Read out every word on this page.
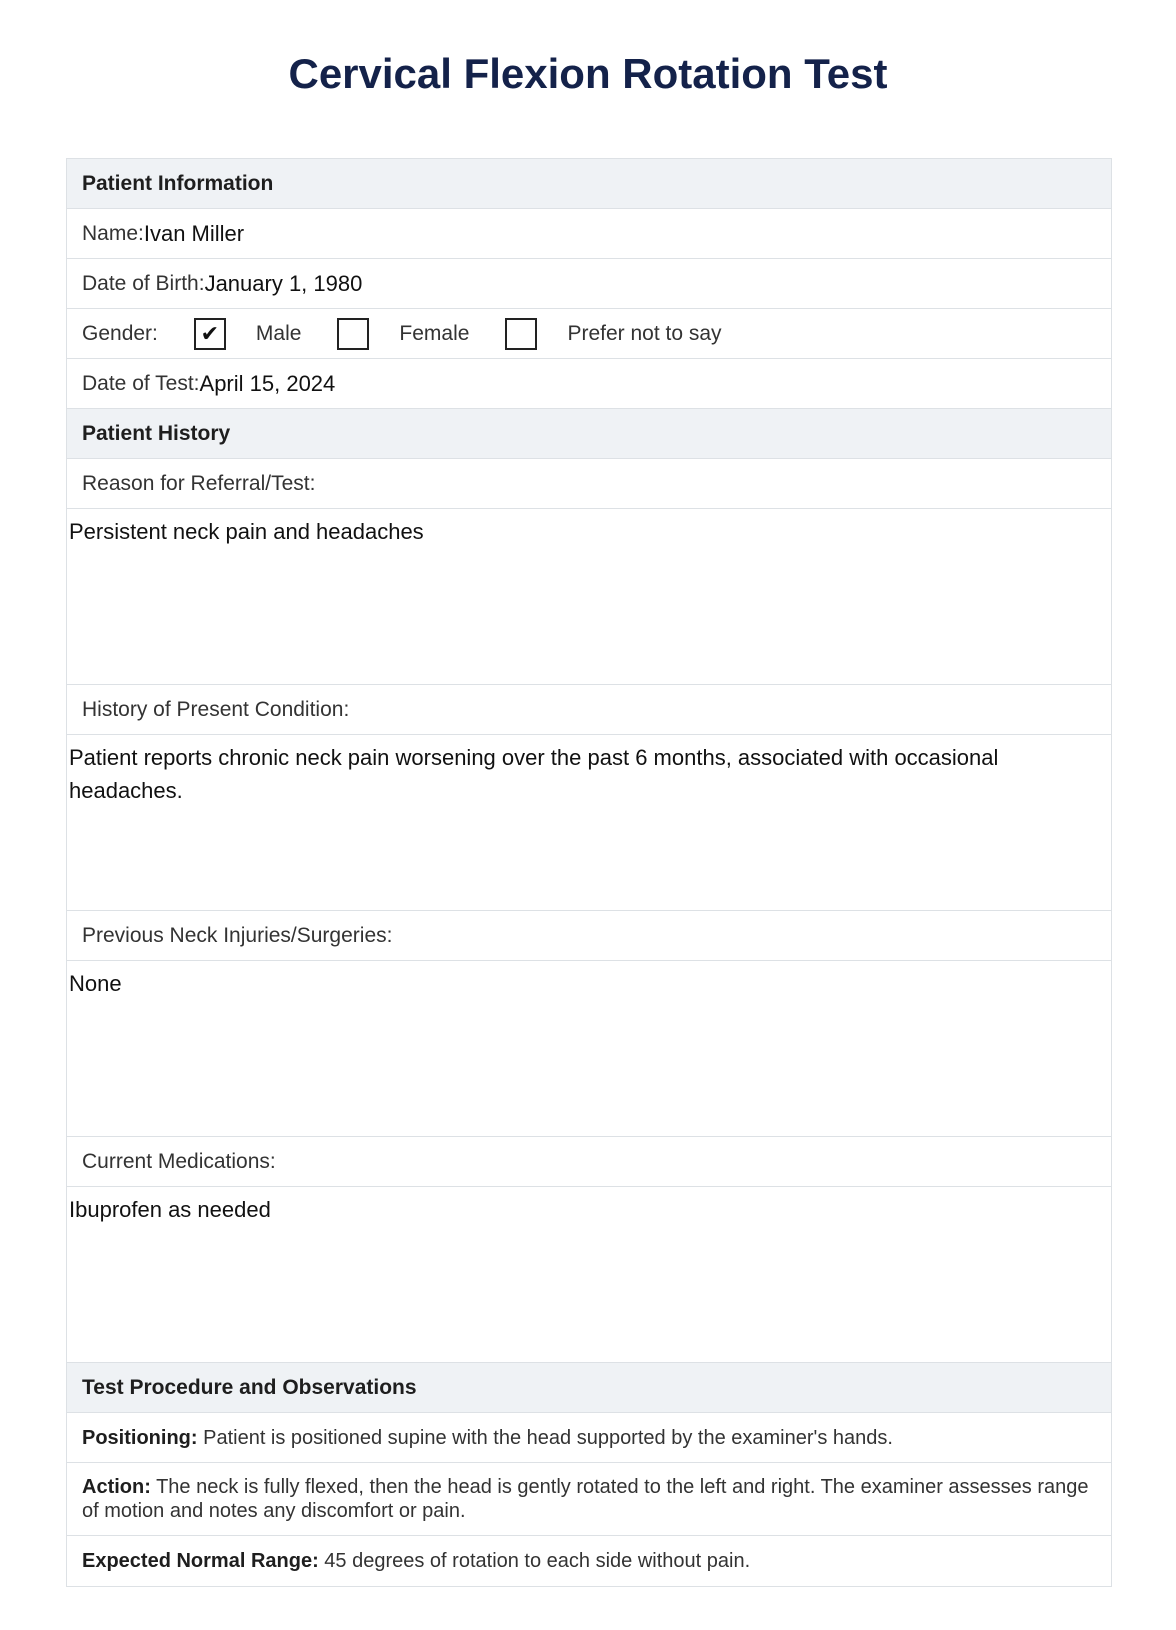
Cervical Flexion Rotation Test
Patient Information
Name: Ivan Miller
Date of Birth: January 1, 1980
Gender:	✔	Male	Female	Prefer not to say
Date of Test: April 15, 2024
Patient History
Reason for Referral/Test:
Persistent neck pain and headaches
History of Present Condition:
Patient reports chronic neck pain worsening over the past 6 months, associated with occasional headaches.
Previous Neck Injuries/Surgeries:
None
Current Medications:
Ibuprofen as needed
Test Procedure and Observations
Positioning: Patient is positioned supine with the head supported by the examiner's hands.
Action: The neck is fully flexed, then the head is gently rotated to the left and right. The examiner assesses range of motion and notes any discomfort or pain.
Expected Normal Range: 45 degrees of rotation to each side without pain.
